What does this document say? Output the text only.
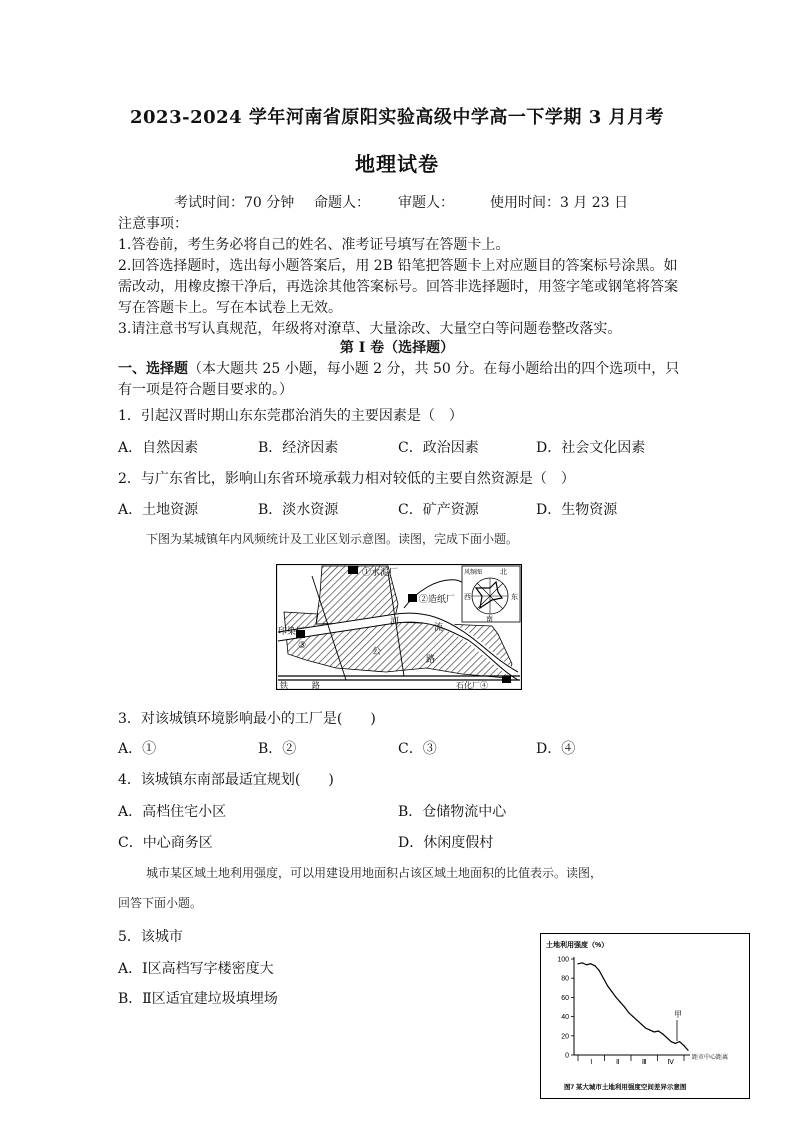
2023-2024 学年河南省原阳实验高级中学高一下学期 3 月月考
地理试卷
考试时间：70 分钟 命题人： 审题人：	使用时间：3 月 23 日
注意事项：
1.答卷前，考生务必将自己的姓名、准考证号填写在答题卡上。
2.回答选择题时，选出每小题答案后，用 2B 铅笔把答题卡上对应题目的答案标号涂黑。如
需改动，用橡皮擦干净后，再选涂其他答案标号。回答非选择题时，用签字笔或钢笔将答案
写在答题卡上。写在本试卷上无效。
3.请注意书写认真规范，年级将对潦草、大量涂改、大量空白等问题卷整改落实。
第 I 卷（选择题）
一、选择题（本大题共 25 小题，每小题 2 分，共 50 分。在每小题给出的四个选项中，只
有一项是符合题目要求的。）
1．引起汉晋时期山东东莞郡治消失的主要因素是（　）
A．自然因素	B．经济因素	C．政治因素	D．社会文化因素
2．与广东省比，影响山东省环境承载力相对较低的主要自然资源是（　）
A．土地资源	B．淡水资源	C．矿产资源	D．生物资源
下图为某城镇年内风频统计及工业区划示意图。读图，完成下面小题。
①水泥厂
②造纸厂
印染厂
③
石化厂④
河
流
公
路
铁　　　路
风频图	北
南
西	东
3．对该城镇环境影响最小的工厂是(　　)
A．①	B．②	C．③	D．④
4．该城镇东南部最适宜规划(　　)
A．高档住宅小区	B．仓储物流中心
C．中心商务区	D．休闲度假村
城市某区域土地利用强度，可以用建设用地面积占该区域土地面积的比值表示。读图，
回答下面小题。
5．该城市
A．Ⅰ区高档写字楼密度大
B．Ⅱ区适宜建垃圾填埋场
土地利用强度（%）
0
20
40
60
80
100
Ⅰ	Ⅱ	Ⅲ	Ⅳ
甲
距市中心距离
图7 某大城市土地利用强度空间差异示意图
